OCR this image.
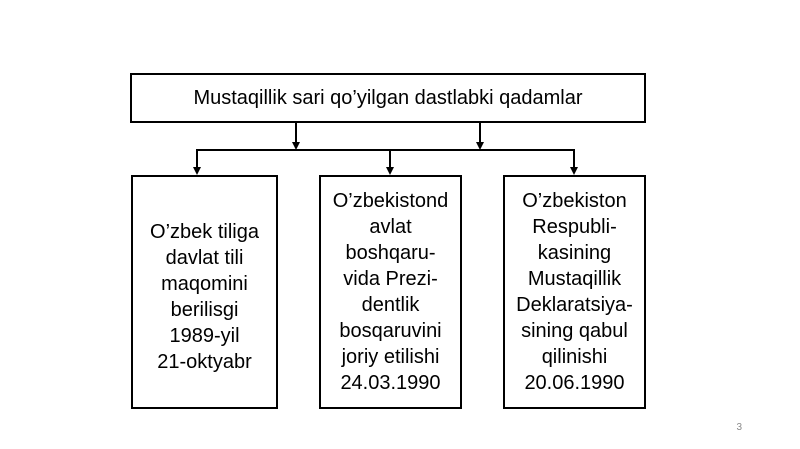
Mustaqillik sari qo’yilgan dastlabki qadamlar
O’zbek tiliga
davlat tili
maqomini
berilisgi
1989-yil
21-oktyabr
O’zbekistond
avlat
boshqaru-
vida Prezi-
dentlik
bosqaruvini
joriy etilishi
24.03.1990
O’zbekiston
Respubli-
kasining
Mustaqillik
Deklaratsiya-
sining qabul
qilinishi
20.06.1990
3
